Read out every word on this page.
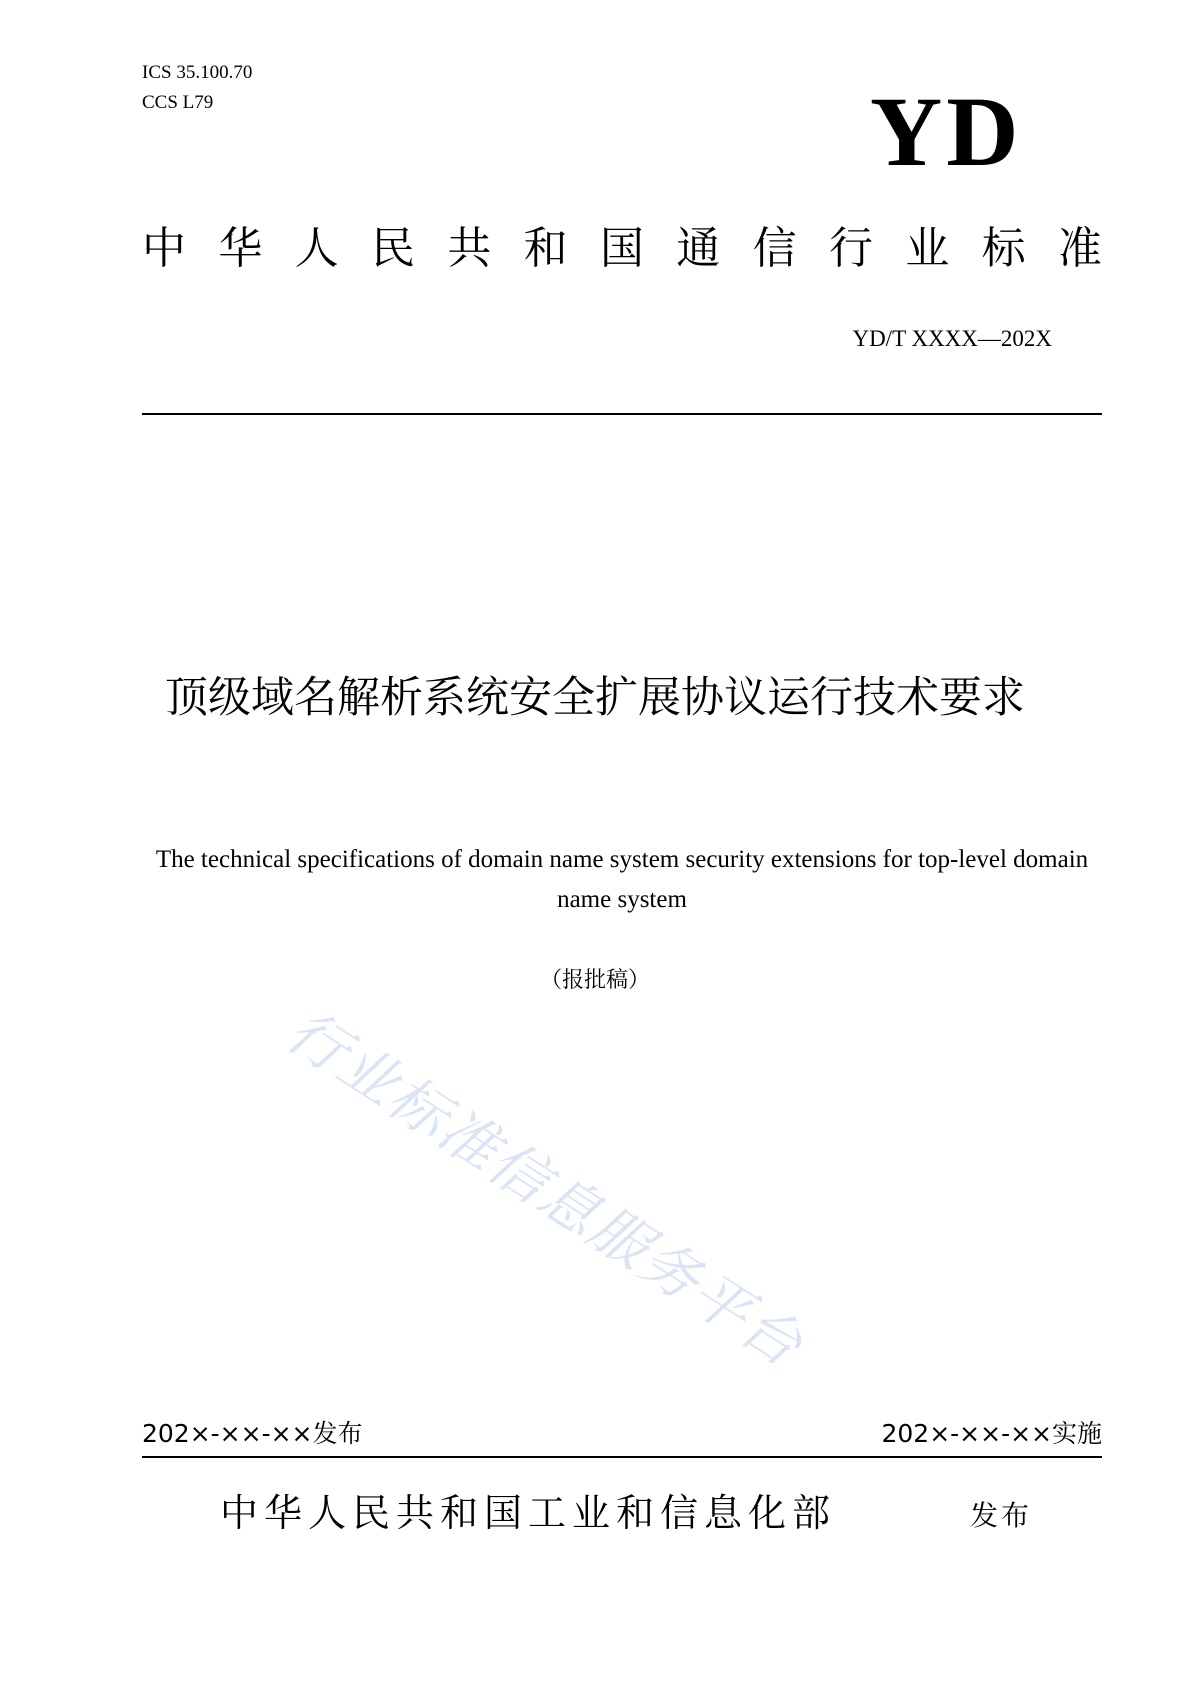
ICS 35.100.70

CCS L79	YD
中 华 人 民 共 和 国 通 信 行 业 标 准

YD/T XXXX—202X

顶级域名解析系统安全扩展协议运行技术要求

The technical specifications of domain name system security extensions for top-level domain name system

（报批稿）

行业标准信息服务平台

202×-××-××发布	202×-××-××实施

中华人民共和国工业和信息化部	发布
